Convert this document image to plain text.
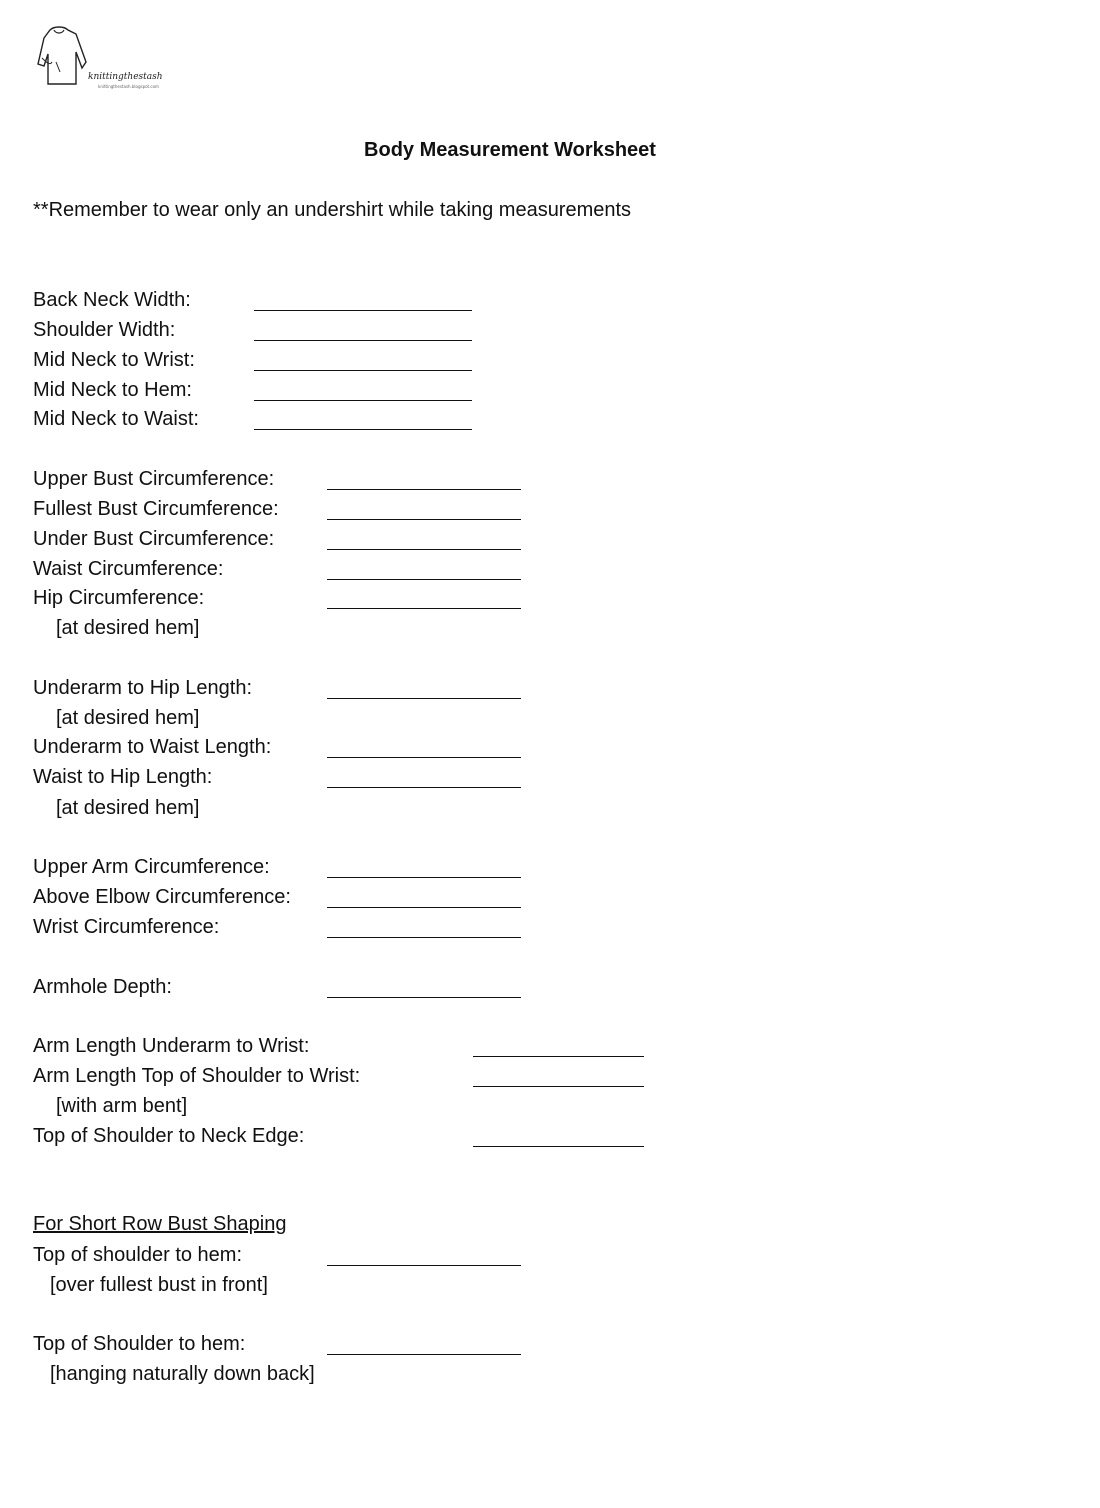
knittingthestash
knittingthestash.blogspot.com
Body Measurement Worksheet
**Remember to wear only an undershirt while taking measurements
Back Neck Width:
Shoulder Width:
Mid Neck to Wrist:
Mid Neck to Hem:
Mid Neck to Waist:
Upper Bust Circumference:
Fullest Bust Circumference:
Under Bust Circumference:
Waist Circumference:
Hip Circumference:
[at desired hem]
Underarm to Hip Length:
[at desired hem]
Underarm to Waist Length:
Waist to Hip Length:
[at desired hem]
Upper Arm Circumference:
Above Elbow Circumference:
Wrist Circumference:
Armhole Depth:
Arm Length Underarm to Wrist:
Arm Length Top of Shoulder to Wrist:
[with arm bent]
Top of Shoulder to Neck Edge:
For Short Row Bust Shaping
Top of shoulder to hem:
[over fullest bust in front]
Top of Shoulder to hem:
[hanging naturally down back]
